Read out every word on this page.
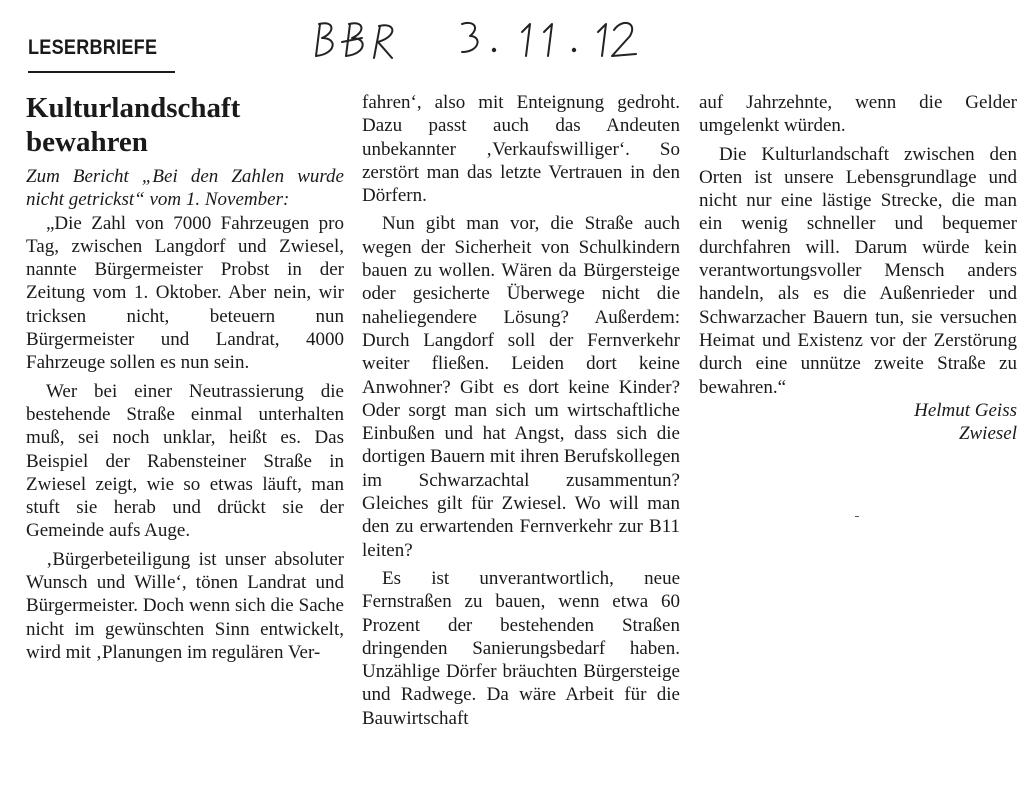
LESERBRIEFE
Kulturlandschaft bewahren

Zum Bericht „Bei den Zahlen wurde nicht getrickst“ vom 1. November:

„Die Zahl von 7000 Fahrzeugen pro Tag, zwischen Langdorf und Zwiesel, nannte Bürgermeister Probst in der Zeitung vom 1. Oktober. Aber nein, wir tricksen nicht, beteuern nun Bürgermeister und Landrat, 4000 Fahrzeuge sollen es nun sein.

Wer bei einer Neutrassierung die bestehende Straße einmal unterhalten muß, sei noch unklar, heißt es. Das Beispiel der Rabensteiner Straße in Zwiesel zeigt, wie so etwas läuft, man stuft sie herab und drückt sie der Gemeinde aufs Auge.

‚Bürgerbeteiligung ist unser absoluter Wunsch und Wille‘, tönen Landrat und Bürgermeister. Doch wenn sich die Sache nicht im gewünschten Sinn entwickelt, wird mit ‚Planungen im regulären Ver-

fahren‘, also mit Enteignung gedroht. Dazu passt auch das Andeuten unbekannter ‚Verkaufswilliger‘. So zerstört man das letzte Vertrauen in den Dörfern.

Nun gibt man vor, die Straße auch wegen der Sicherheit von Schulkindern bauen zu wollen. Wären da Bürgersteige oder gesicherte Überwege nicht die naheliegendere Lösung? Außerdem: Durch Langdorf soll der Fernverkehr weiter fließen. Leiden dort keine Anwohner? Gibt es dort keine Kinder? Oder sorgt man sich um wirtschaftliche Einbußen und hat Angst, dass sich die dortigen Bauern mit ihren Berufskollegen im Schwarzachtal zusammentun? Gleiches gilt für Zwiesel. Wo will man den zu erwartenden Fernverkehr zur B11 leiten?

Es ist unverantwortlich, neue Fernstraßen zu bauen, wenn etwa 60 Prozent der bestehenden Straßen dringenden Sanierungsbedarf haben. Unzählige Dörfer bräuchten Bürgersteige und Radwege. Da wäre Arbeit für die Bauwirtschaft

auf Jahrzehnte, wenn die Gelder umgelenkt würden.

Die Kulturlandschaft zwischen den Orten ist unsere Lebensgrundlage und nicht nur eine lästige Strecke, die man ein wenig schneller und bequemer durchfahren will. Darum würde kein verantwortungsvoller Mensch anders handeln, als es die Außenrieder und Schwarzacher Bauern tun, sie versuchen Heimat und Existenz vor der Zerstörung durch eine unnütze zweite Straße zu bewahren.“

Helmut Geiss
Zwiesel
